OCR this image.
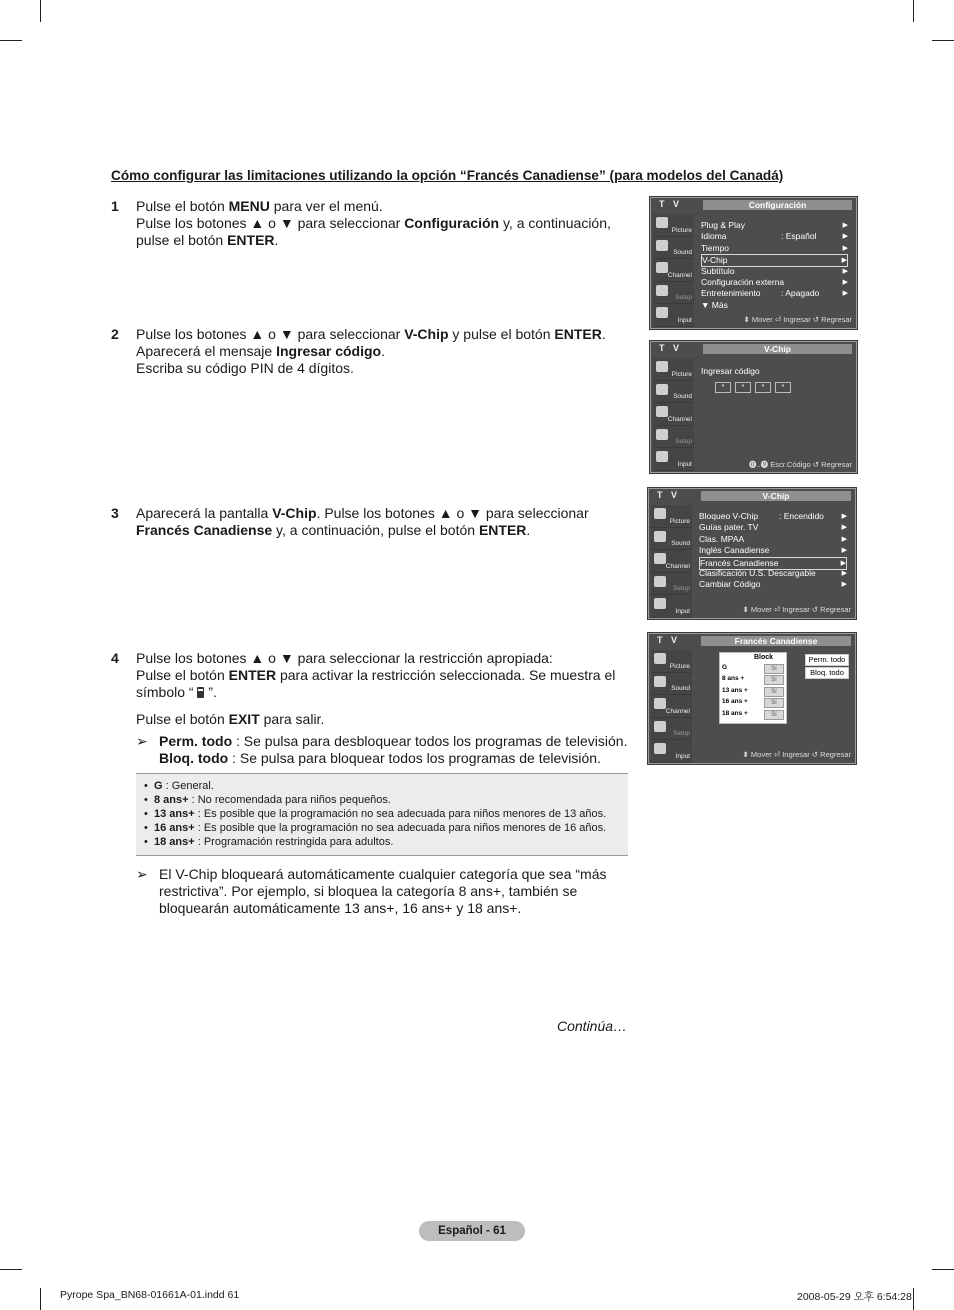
Cómo configurar las limitaciones utilizando la opción “Francés Canadiense” (para modelos del Canadá)
1 Pulse el botón MENU para ver el menú.
Pulse los botones ▲ o ▼ para seleccionar Configuración y, a continuación,
pulse el botón ENTER.
2 Pulse los botones ▲ o ▼ para seleccionar V-Chip y pulse el botón ENTER.
Aparecerá el mensaje Ingresar código.
Escriba su código PIN de 4 dígitos.
3 Aparecerá la pantalla V-Chip. Pulse los botones ▲ o ▼ para seleccionar
Francés Canadiense y, a continuación, pulse el botón ENTER.
4 Pulse los botones ▲ o ▼ para seleccionar la restricción apropiada:
Pulse el botón ENTER para activar la restricción seleccionada. Se muestra el
símbolo “  ”.
Pulse el botón EXIT para salir.
➢ Perm. todo : Se pulsa para desbloquear todos los programas de televisión.
Bloq. todo : Se pulsa para bloquear todos los programas de televisión.
• G : General.
• 8 ans+ : No recomendada para niños pequeños.
• 13 ans+ : Es posible que la programación no sea adecuada para niños menores de 13 años.
• 16 ans+ : Es posible que la programación no sea adecuada para niños menores de 16 años.
• 18 ans+ : Programación restringida para adultos.
➢ El V-Chip bloqueará automáticamente cualquier categoría que sea “más
restrictiva”. Por ejemplo, si bloquea la categoría 8 ans+, también se
bloquearán automáticamente 13 ans+, 16 ans+ y 18 ans+.
Continúa…
Español - 61
Pyrope Spa_BN68-01661A-01.indd 61	2008-05-29 오후 6:54:28
T V	Configuración
Picture
Sound
Channel
Setup
Input
Plug & Play	▶
Idioma	: Español	▶
Tiempo	▶
V-Chip	▶
Subtítulo	▶
Configuración externa	▶
Entretenimiento : Apagado	▶
▼ Más
⬍ Mover ⏎ Ingresar ↺ Regresar
T V	V-Chip
Picture
Sound
Channel
Setup
Input
Ingresar código
*	*	*	*
⓿..❾ Escr.Código ↺ Regresar
T V	V-Chip
Picture
Sound
Channel
Setup
Input
Bloqueo V-Chip : Encendido	▶
Guías pater. TV	▶
Clas. MPAA	▶
Inglés Canadiense	▶
Francés Canadiense	▶
Clasificación U.S. Descargable	▶
Cambiar Código	▶
⬍ Mover ⏎ Ingresar ↺ Regresar
T V	Francés Canadiense
Picture
Sound
Channel
Setup
Input
Block
G	Sí
8 ans +	Sí
13 ans +	Sí
16 ans +	Sí
18 ans +	Sí
Perm. todo
Bloq. todo
⬍ Mover ⏎ Ingresar ↺ Regresar
